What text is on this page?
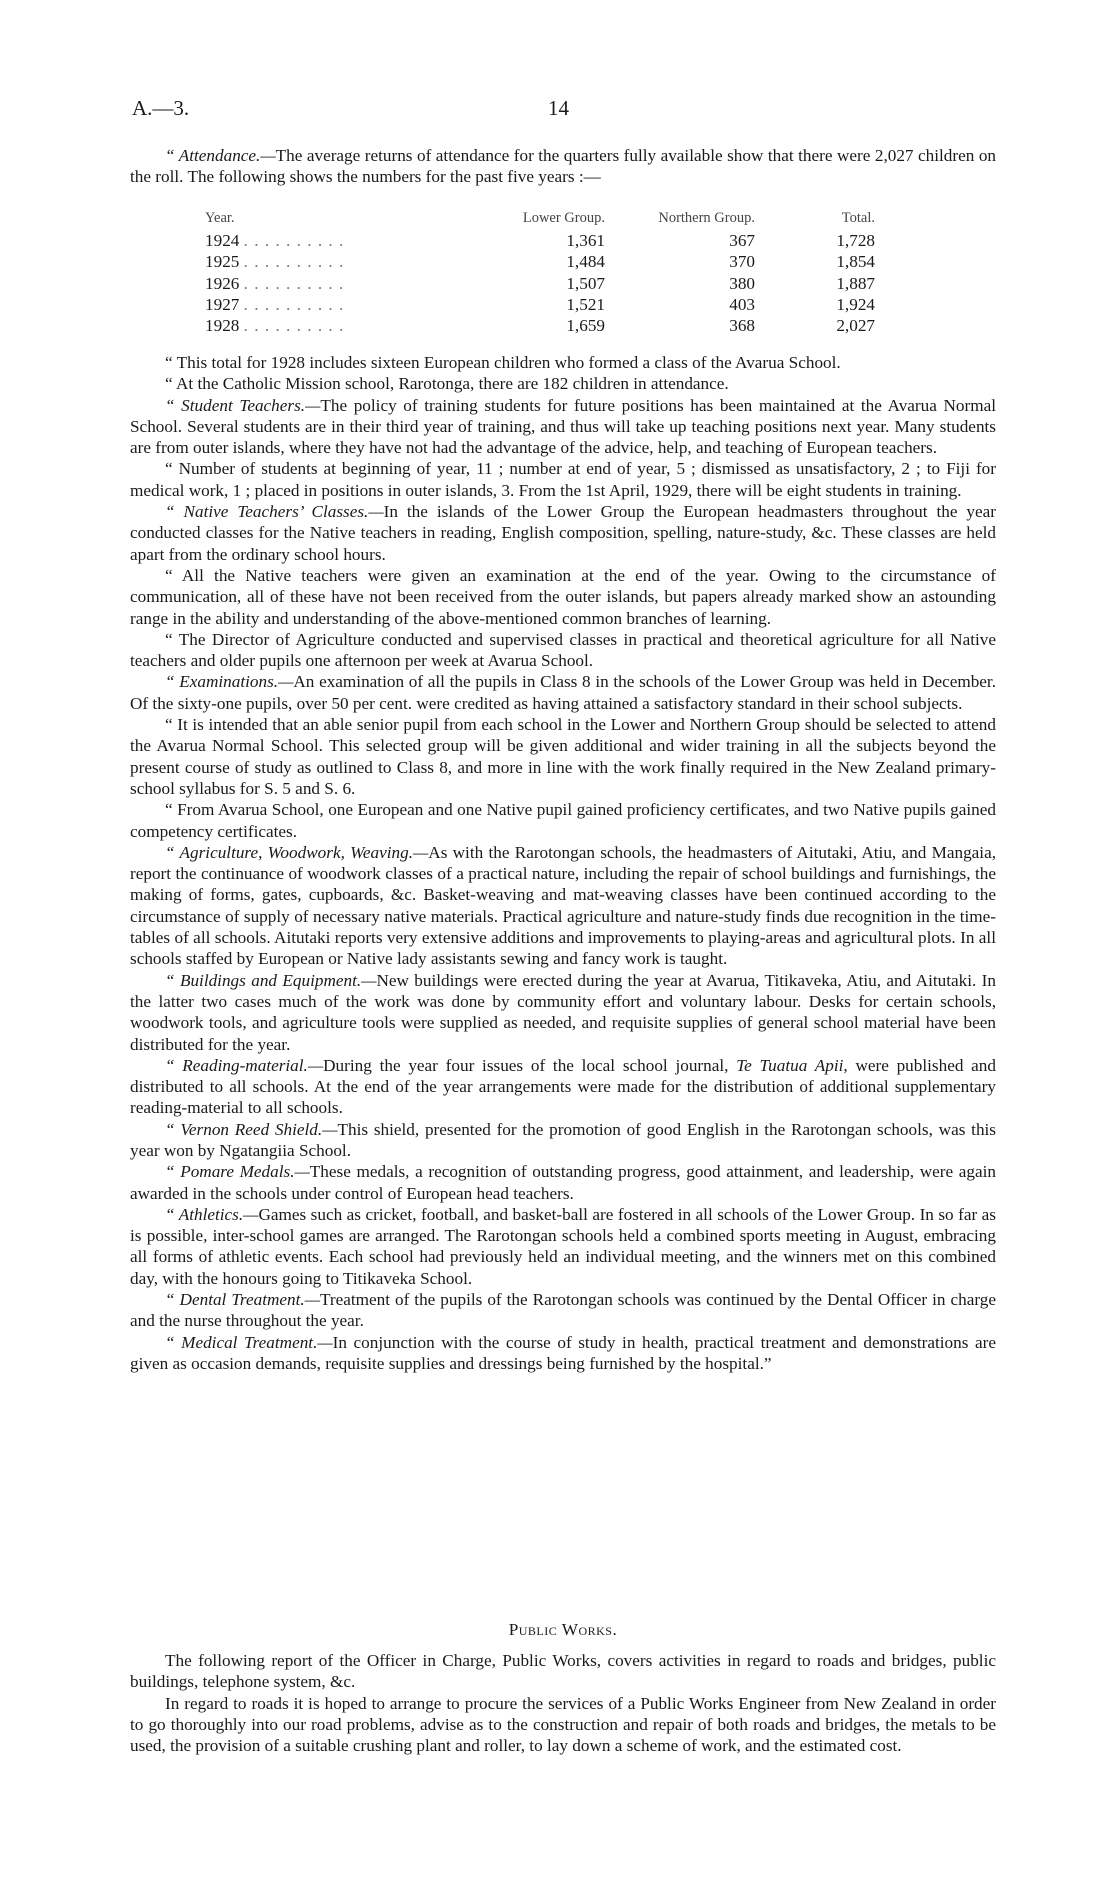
A.—3.	14

“ Attendance.—The average returns of attendance for the quarters fully available show that there were 2,027 children on the roll. The following shows the numbers for the past five years :—

Year.	Lower Group.	Northern Group.	Total.
1924 . . . . . . . . . .	1,361	367	1,728
1925 . . . . . . . . . .	1,484	370	1,854
1926 . . . . . . . . . .	1,507	380	1,887
1927 . . . . . . . . . .	1,521	403	1,924
1928 . . . . . . . . . .	1,659	368	2,027

“ This total for 1928 includes sixteen European children who formed a class of the Avarua School.

“ At the Catholic Mission school, Rarotonga, there are 182 children in attendance.

“ Student Teachers.—The policy of training students for future positions has been maintained at the Avarua Normal School. Several students are in their third year of training, and thus will take up teaching positions next year. Many students are from outer islands, where they have not had the advantage of the advice, help, and teaching of European teachers.

“ Number of students at beginning of year, 11 ; number at end of year, 5 ; dismissed as unsatisfactory, 2 ; to Fiji for medical work, 1 ; placed in positions in outer islands, 3. From the 1st April, 1929, there will be eight students in training.

“ Native Teachers’ Classes.—In the islands of the Lower Group the European headmasters throughout the year conducted classes for the Native teachers in reading, English composition, spelling, nature-study, &c. These classes are held apart from the ordinary school hours.

“ All the Native teachers were given an examination at the end of the year. Owing to the circumstance of communication, all of these have not been received from the outer islands, but papers already marked show an astounding range in the ability and understanding of the above-mentioned common branches of learning.

“ The Director of Agriculture conducted and supervised classes in practical and theoretical agriculture for all Native teachers and older pupils one afternoon per week at Avarua School.

“ Examinations.—An examination of all the pupils in Class 8 in the schools of the Lower Group was held in December. Of the sixty-one pupils, over 50 per cent. were credited as having attained a satisfactory standard in their school subjects.

“ It is intended that an able senior pupil from each school in the Lower and Northern Group should be selected to attend the Avarua Normal School. This selected group will be given additional and wider training in all the subjects beyond the present course of study as outlined to Class 8, and more in line with the work finally required in the New Zealand primary-school syllabus for S. 5 and S. 6.

“ From Avarua School, one European and one Native pupil gained proficiency certificates, and two Native pupils gained competency certificates.

“ Agriculture, Woodwork, Weaving.—As with the Rarotongan schools, the headmasters of Aitutaki, Atiu, and Mangaia, report the continuance of woodwork classes of a practical nature, including the repair of school buildings and furnishings, the making of forms, gates, cupboards, &c. Basket-weaving and mat-weaving classes have been continued according to the circumstance of supply of necessary native materials. Practical agriculture and nature-study finds due recognition in the time-tables of all schools. Aitutaki reports very extensive additions and improvements to playing-areas and agricultural plots. In all schools staffed by European or Native lady assistants sewing and fancy work is taught.

“ Buildings and Equipment.—New buildings were erected during the year at Avarua, Titikaveka, Atiu, and Aitutaki. In the latter two cases much of the work was done by community effort and voluntary labour. Desks for certain schools, woodwork tools, and agriculture tools were supplied as needed, and requisite supplies of general school material have been distributed for the year.

“ Reading-material.—During the year four issues of the local school journal, Te Tuatua Apii, were published and distributed to all schools. At the end of the year arrangements were made for the distribution of additional supplementary reading-material to all schools.

“ Vernon Reed Shield.—This shield, presented for the promotion of good English in the Rarotongan schools, was this year won by Ngatangiia School.

“ Pomare Medals.—These medals, a recognition of outstanding progress, good attainment, and leadership, were again awarded in the schools under control of European head teachers.

“ Athletics.—Games such as cricket, football, and basket-ball are fostered in all schools of the Lower Group. In so far as is possible, inter-school games are arranged. The Rarotongan schools held a combined sports meeting in August, embracing all forms of athletic events. Each school had previously held an individual meeting, and the winners met on this combined day, with the honours going to Titikaveka School.

“ Dental Treatment.—Treatment of the pupils of the Rarotongan schools was continued by the Dental Officer in charge and the nurse throughout the year.

“ Medical Treatment.—In conjunction with the course of study in health, practical treatment and demonstrations are given as occasion demands, requisite supplies and dressings being furnished by the hospital.”

Public Works.

The following report of the Officer in Charge, Public Works, covers activities in regard to roads and bridges, public buildings, telephone system, &c.

In regard to roads it is hoped to arrange to procure the services of a Public Works Engineer from New Zealand in order to go thoroughly into our road problems, advise as to the construction and repair of both roads and bridges, the metals to be used, the provision of a suitable crushing plant and roller, to lay down a scheme of work, and the estimated cost.
